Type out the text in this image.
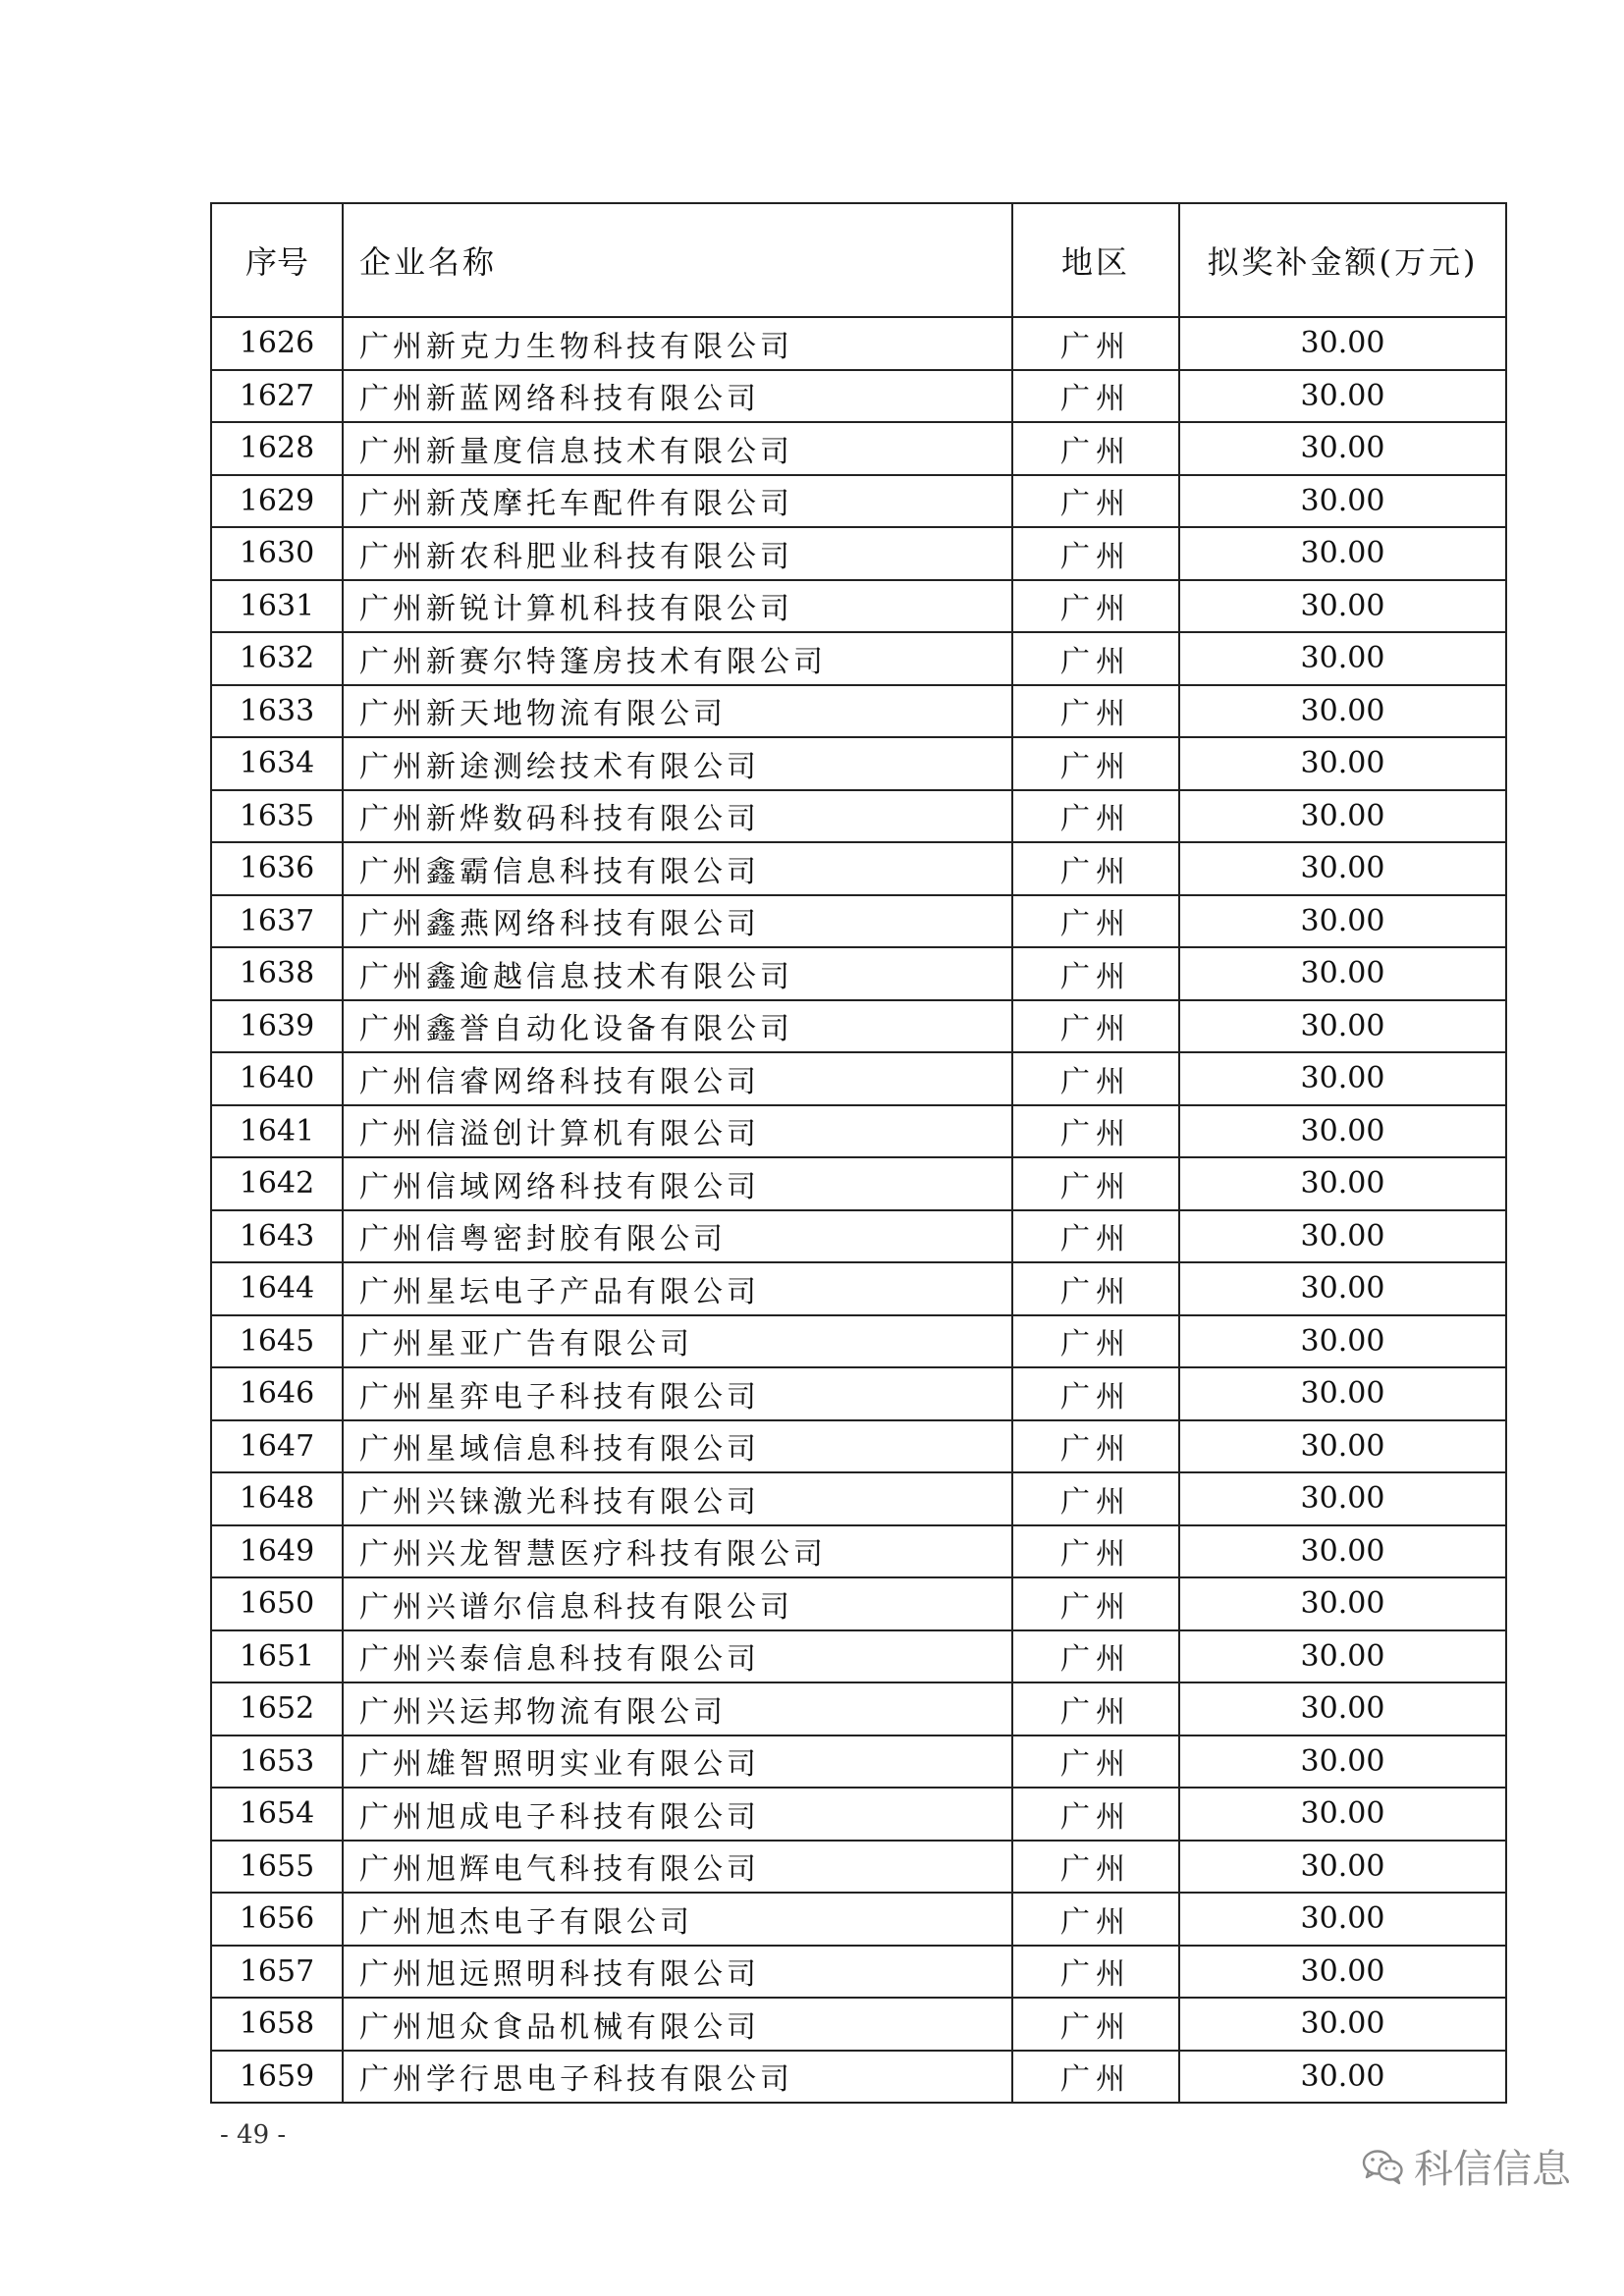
序号	企业名称	地区	拟奖补金额(万元)
1626	广州新克力生物科技有限公司	广州	30.00
1627	广州新蓝网络科技有限公司	广州	30.00
1628	广州新量度信息技术有限公司	广州	30.00
1629	广州新茂摩托车配件有限公司	广州	30.00
1630	广州新农科肥业科技有限公司	广州	30.00
1631	广州新锐计算机科技有限公司	广州	30.00
1632	广州新赛尔特篷房技术有限公司	广州	30.00
1633	广州新天地物流有限公司	广州	30.00
1634	广州新途测绘技术有限公司	广州	30.00
1635	广州新烨数码科技有限公司	广州	30.00
1636	广州鑫霸信息科技有限公司	广州	30.00
1637	广州鑫燕网络科技有限公司	广州	30.00
1638	广州鑫逾越信息技术有限公司	广州	30.00
1639	广州鑫誉自动化设备有限公司	广州	30.00
1640	广州信睿网络科技有限公司	广州	30.00
1641	广州信溢创计算机有限公司	广州	30.00
1642	广州信域网络科技有限公司	广州	30.00
1643	广州信粤密封胶有限公司	广州	30.00
1644	广州星坛电子产品有限公司	广州	30.00
1645	广州星亚广告有限公司	广州	30.00
1646	广州星弈电子科技有限公司	广州	30.00
1647	广州星域信息科技有限公司	广州	30.00
1648	广州兴铼激光科技有限公司	广州	30.00
1649	广州兴龙智慧医疗科技有限公司	广州	30.00
1650	广州兴谱尔信息科技有限公司	广州	30.00
1651	广州兴泰信息科技有限公司	广州	30.00
1652	广州兴运邦物流有限公司	广州	30.00
1653	广州雄智照明实业有限公司	广州	30.00
1654	广州旭成电子科技有限公司	广州	30.00
1655	广州旭辉电气科技有限公司	广州	30.00
1656	广州旭杰电子有限公司	广州	30.00
1657	广州旭远照明科技有限公司	广州	30.00
1658	广州旭众食品机械有限公司	广州	30.00
1659	广州学行思电子科技有限公司	广州	30.00
- 49 -
科信信息
